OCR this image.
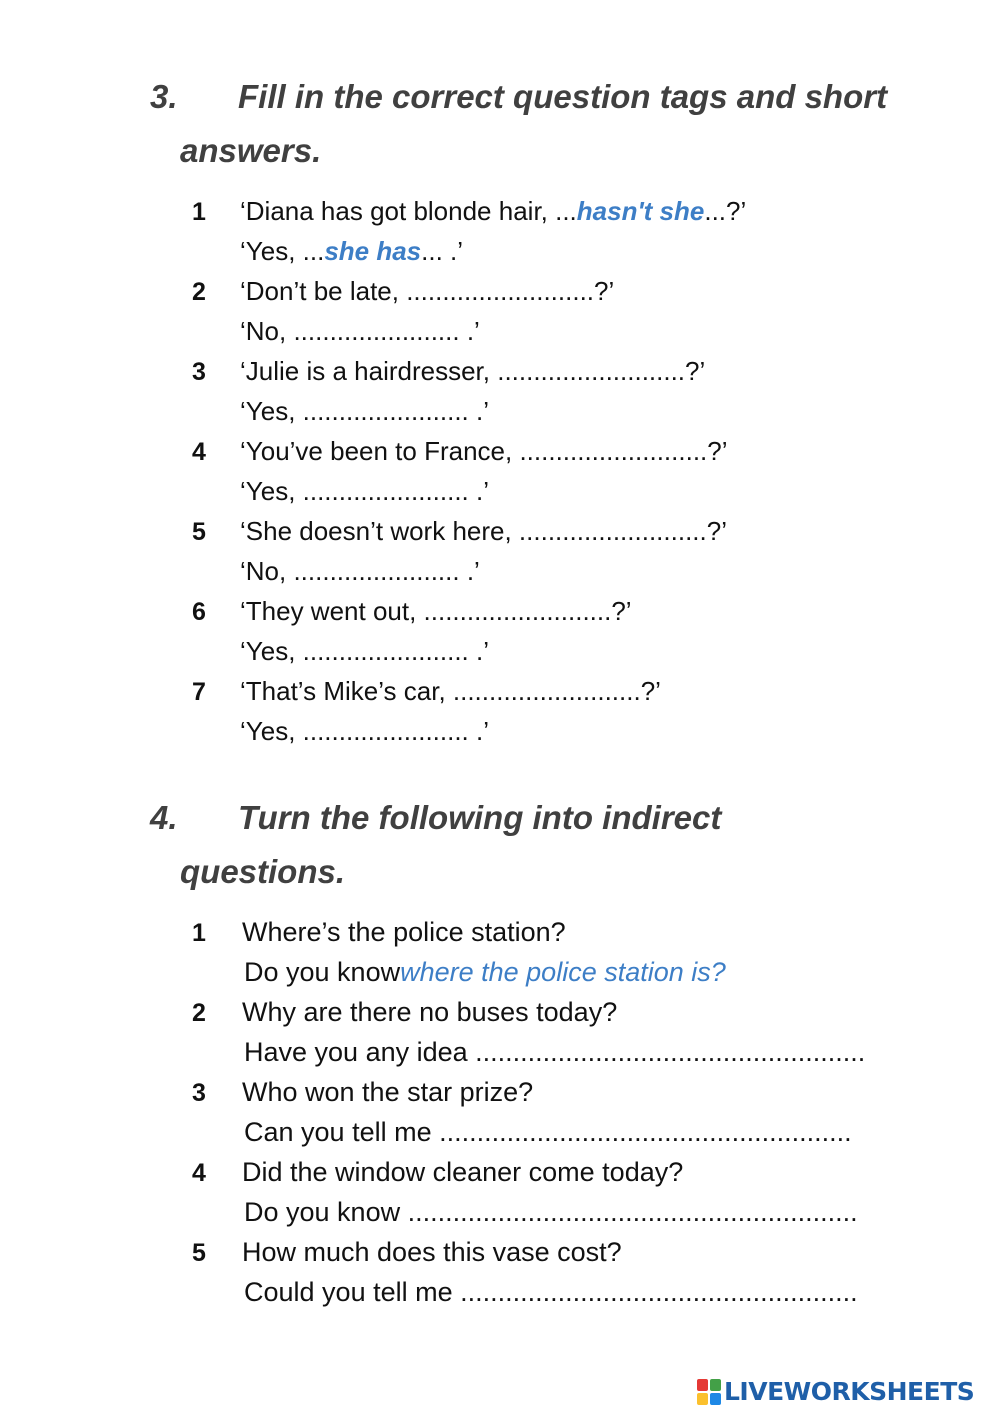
3. Fill in the correct question tags and short
answers.
1	‘Diana has got blonde hair, ... hasn't she ...?’
‘Yes, ... she has ... .’
2	‘Don’t be late, ..........................?’
‘No, ....................... .’
3	‘Julie is a hairdresser, ..........................?’
‘Yes, ....................... .’
4	‘You’ve been to France, ..........................?’
‘Yes, ....................... .’
5	‘She doesn’t work here, ..........................?’
‘No, ....................... .’
6	‘They went out, ..........................?’
‘Yes, ....................... .’
7	‘That’s Mike’s car, ..........................?’
‘Yes, ....................... .’
4. Turn the following into indirect
questions.
1	Where’s the police station?
Do you know where the police station is?
2	Why are there no buses today?
Have you any idea ....................................................
3	Who won the star prize?
Can you tell me .......................................................
4	Did the window cleaner come today?
Do you know ............................................................
5	How much does this vase cost?
Could you tell me .....................................................
LIVEWORKSHEETS
